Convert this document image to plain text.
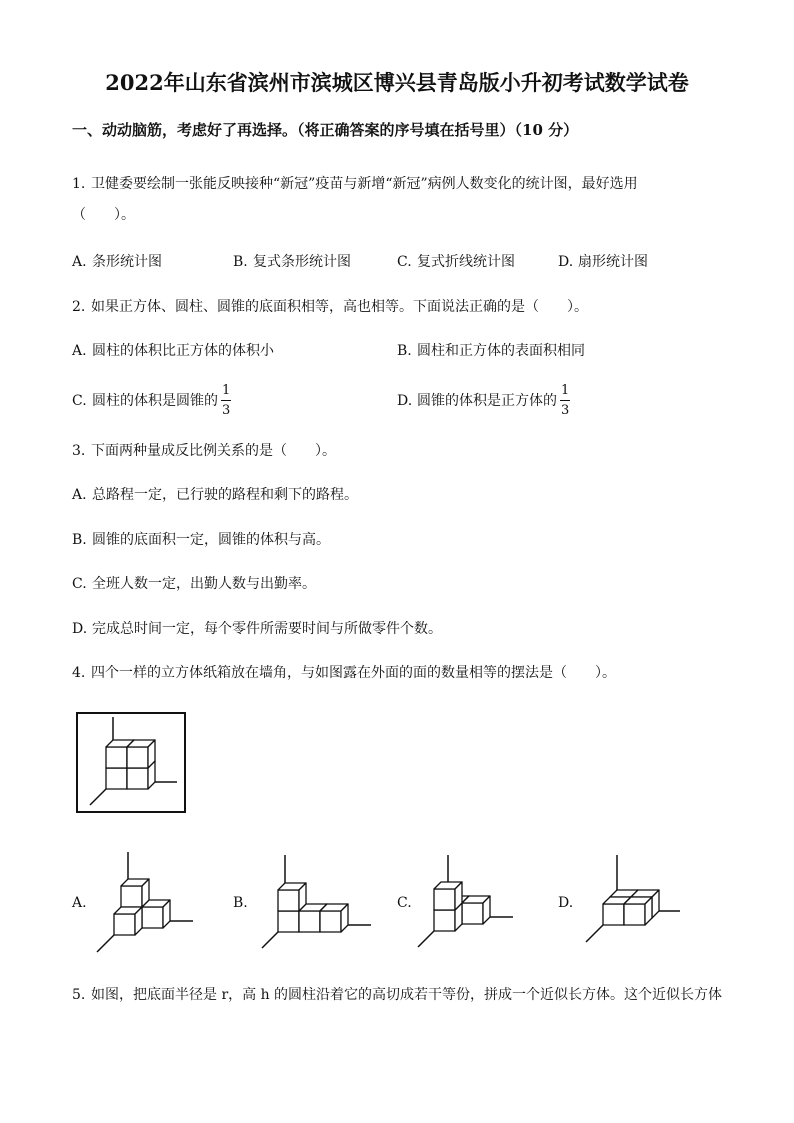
2022年山东省滨州市滨城区博兴县青岛版小升初考试数学试卷
一、动动脑筋，考虑好了再选择。（将正确答案的序号填在括号里）（10 分）
1. 卫健委要绘制一张能反映接种“新冠”疫苗与新增“新冠”病例人数变化的统计图，最好选用
（　　）。
A. 条形统计图	B. 复式条形统计图	C. 复式折线统计图	D. 扇形统计图
2. 如果正方体、圆柱、圆锥的底面积相等，高也相等。下面说法正确的是（　　）。
A. 圆柱的体积比正方体的体积小	B. 圆柱和正方体的表面积相同
C. 圆柱的体积是圆锥的 $\frac{1}{3}$	D. 圆锥的体积是正方体的 $\frac{1}{3}$
3. 下面两种量成反比例关系的是（　　）。
A. 总路程一定，已行驶的路程和剩下的路程。
B. 圆锥的底面积一定，圆锥的体积与高。
C. 全班人数一定，出勤人数与出勤率。
D. 完成总时间一定，每个零件所需要时间与所做零件个数。
4. 四个一样的立方体纸箱放在墙角，与如图露在外面的面的数量相等的摆法是（　　）。
A.	B.	C.	D.
5. 如图，把底面半径是 r，高 h 的圆柱沿着它的高切成若干等份，拼成一个近似长方体。这个近似长方体
